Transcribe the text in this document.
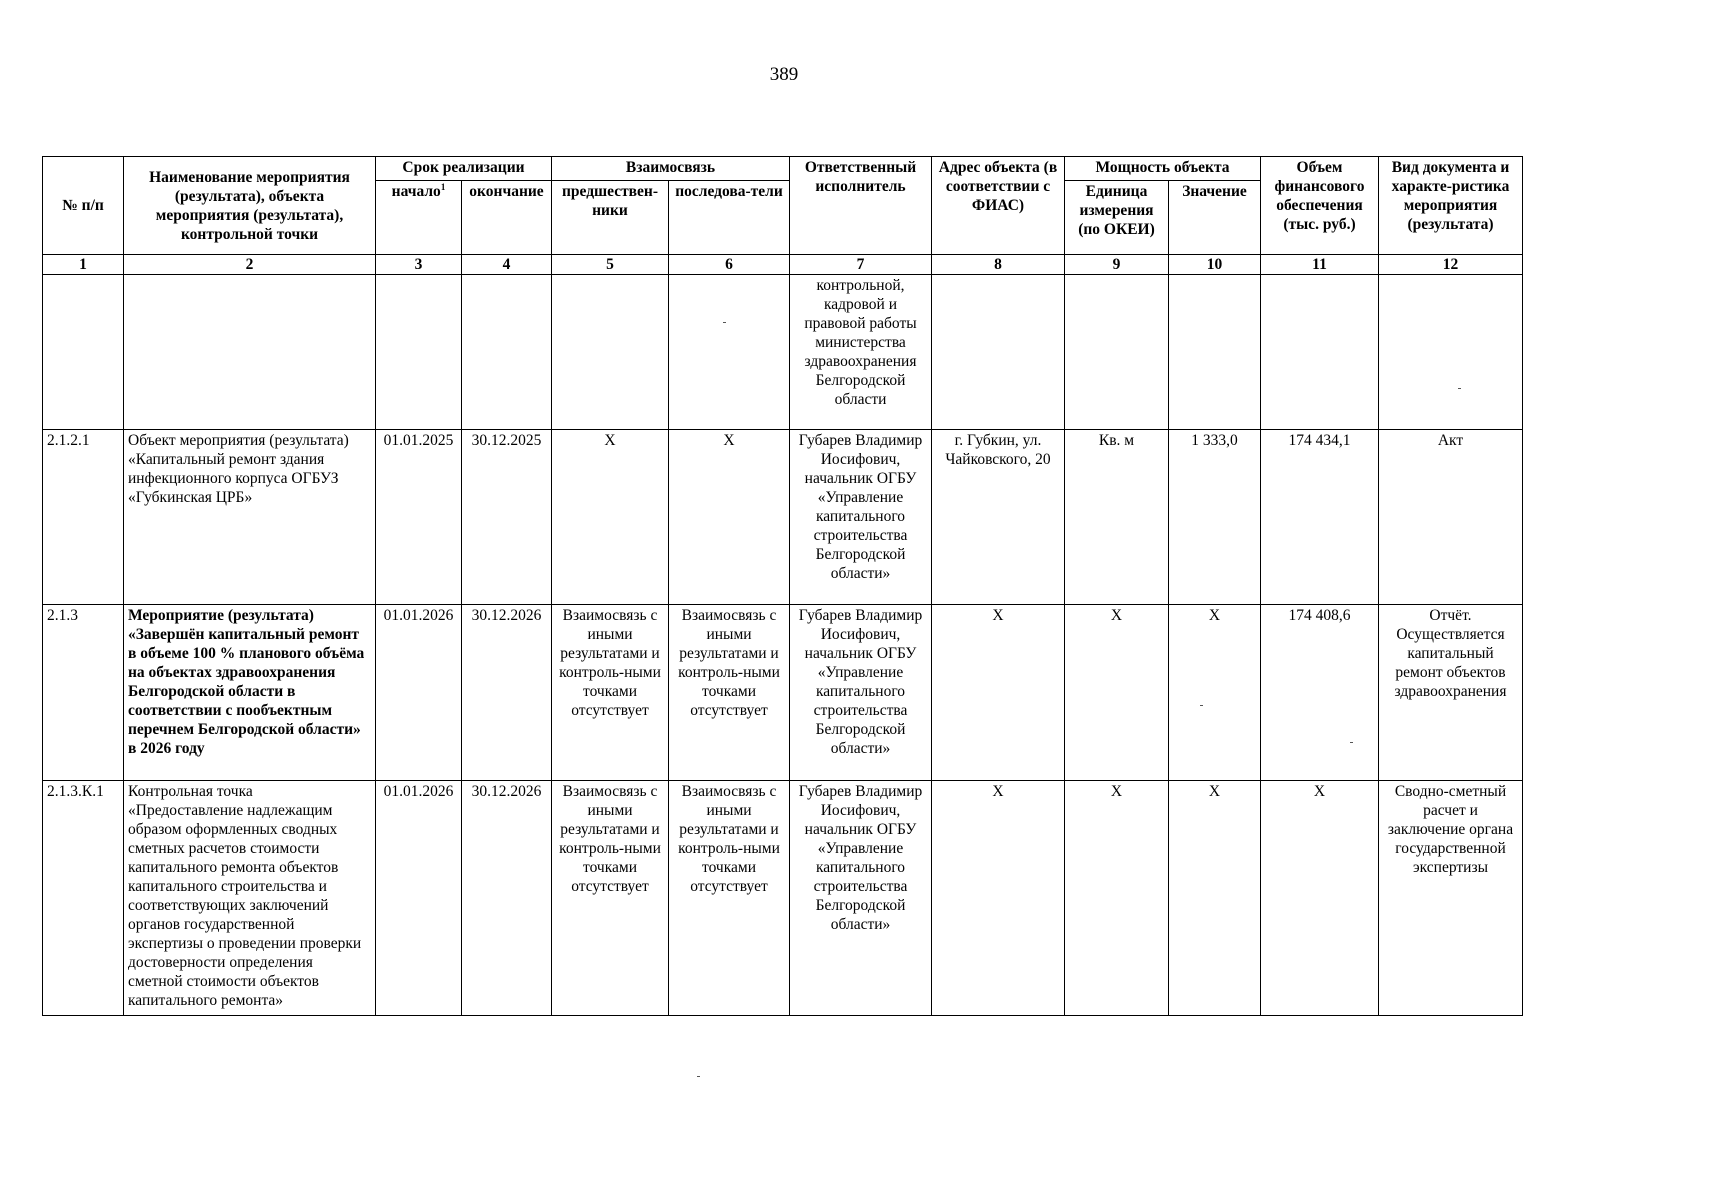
389
№ п/п	Наименование мероприятия (результата), объекта мероприятия (результата), контрольной точки	Срок реализации		Взаимосвязь		Ответственный исполнитель	Адрес объекта (в соответствии с ФИАС)	Мощность объекта		Объем финансового обеспечения (тыс. руб.)	Вид документа и характе-ристика мероприятия (результата)
		начало$^1$	окончание	предшествен-ники	последова-тели			Единица измерения (по ОКЕИ)	Значение		
1	2	3	4	5	6	7	8	9	10	11	12
						контрольной, кадровой и правовой работы министерства здравоохранения Белгородской области					
2.1.2.1	Объект мероприятия (результата) «Капитальный ремонт здания инфекционного корпуса ОГБУЗ «Губкинская ЦРБ»	01.01.2025	30.12.2025	Х	Х	Губарев Владимир Иосифович, начальник ОГБУ «Управление капитального строительства Белгородской области»	г. Губкин, ул. Чайковского, 20	Кв. м	1 333,0	174 434,1	Акт
2.1.3	Мероприятие (результата) «Завершён капитальный ремонт в объеме 100 % планового объёма на объектах здравоохранения Белгородской области в соответствии с пообъектным перечнем Белгородской области» в 2026 году	01.01.2026	30.12.2026	Взаимосвязь с иными результатами и контроль-ными точками отсутствует	Взаимосвязь с иными результатами и контроль-ными точками отсутствует	Губарев Владимир Иосифович, начальник ОГБУ «Управление капитального строительства Белгородской области»	Х	Х	Х	174 408,6	Отчёт. Осуществляется капитальный ремонт объектов здравоохранения
2.1.3.К.1	Контрольная точка «Предоставление надлежащим образом оформленных сводных сметных расчетов стоимости капитального ремонта объектов капитального строительства и соответствующих заключений органов государственной экспертизы о проведении проверки достоверности определения сметной стоимости объектов капитального ремонта»	01.01.2026	30.12.2026	Взаимосвязь с иными результатами и контроль-ными точками отсутствует	Взаимосвязь с иными результатами и контроль-ными точками отсутствует	Губарев Владимир Иосифович, начальник ОГБУ «Управление капитального строительства Белгородской области»	Х	Х	Х	Х	Сводно-сметный расчет и заключение органа государственной экспертизы
